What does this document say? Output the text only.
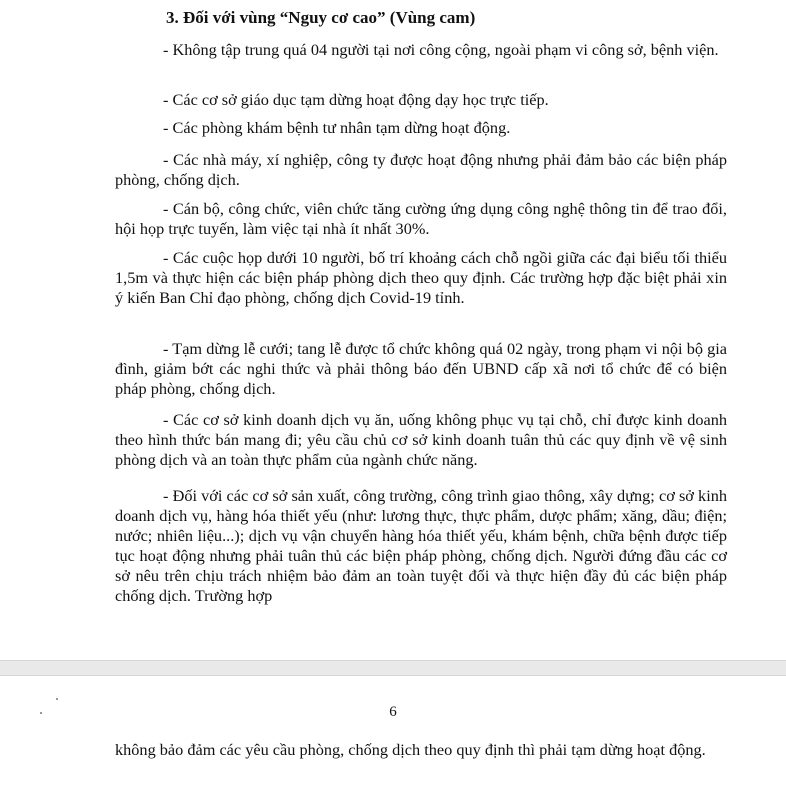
3. Đối với vùng “Nguy cơ cao” (Vùng cam)

- Không tập trung quá 04 người tại nơi công cộng, ngoài phạm vi công sở, bệnh viện.

- Các cơ sở giáo dục tạm dừng hoạt động dạy học trực tiếp.

- Các phòng khám bệnh tư nhân tạm dừng hoạt động.

- Các nhà máy, xí nghiệp, công ty được hoạt động nhưng phải đảm bảo các biện pháp phòng, chống dịch.

- Cán bộ, công chức, viên chức tăng cường ứng dụng công nghệ thông tin để trao đổi, hội họp trực tuyến, làm việc tại nhà ít nhất 30%.

- Các cuộc họp dưới 10 người, bố trí khoảng cách chỗ ngồi giữa các đại biểu tối thiểu 1,5m và thực hiện các biện pháp phòng dịch theo quy định. Các trường hợp đặc biệt phải xin ý kiến Ban Chỉ đạo phòng, chống dịch Covid-19 tỉnh.

- Tạm dừng lễ cưới; tang lễ được tổ chức không quá 02 ngày, trong phạm vi nội bộ gia đình, giảm bớt các nghi thức và phải thông báo đến UBND cấp xã nơi tổ chức để có biện pháp phòng, chống dịch.

- Các cơ sở kinh doanh dịch vụ ăn, uống không phục vụ tại chỗ, chỉ được kinh doanh theo hình thức bán mang đi; yêu cầu chủ cơ sở kinh doanh tuân thủ các quy định về vệ sinh phòng dịch và an toàn thực phẩm của ngành chức năng.

- Đối với các cơ sở sản xuất, công trường, công trình giao thông, xây dựng; cơ sở kinh doanh dịch vụ, hàng hóa thiết yếu (như: lương thực, thực phẩm, dược phẩm; xăng, dầu; điện; nước; nhiên liệu...); dịch vụ vận chuyển hàng hóa thiết yếu, khám bệnh, chữa bệnh được tiếp tục hoạt động nhưng phải tuân thủ các biện pháp phòng, chống dịch. Người đứng đầu các cơ sở nêu trên chịu trách nhiệm bảo đảm an toàn tuyệt đối và thực hiện đầy đủ các biện pháp chống dịch. Trường hợp

6
không bảo đảm các yêu cầu phòng, chống dịch theo quy định thì phải tạm dừng hoạt động.
